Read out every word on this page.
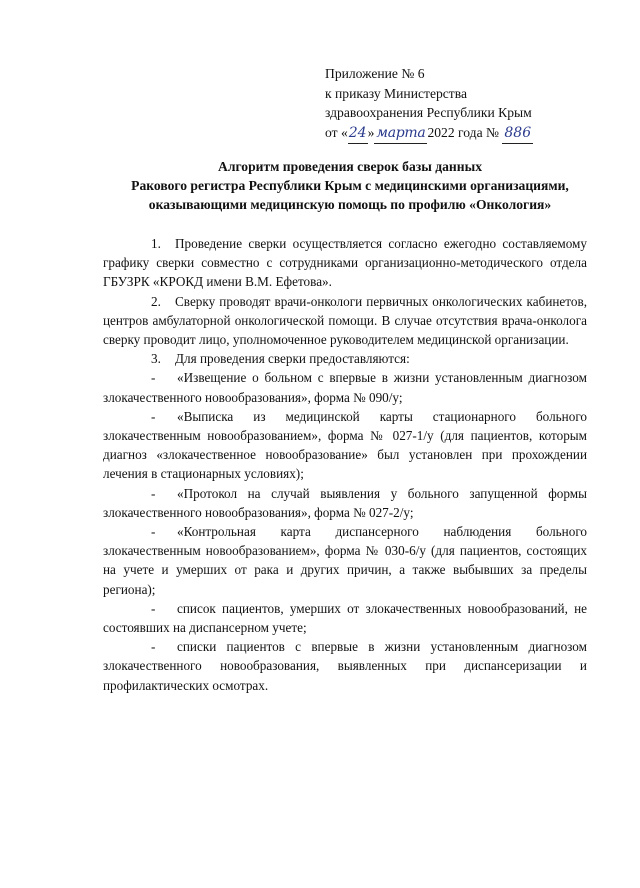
Приложение № 6
к приказу Министерства
здравоохранения Республики Крым
от «24» марта 2022 года № 886
Алгоритм проведения сверок базы данных
Ракового регистра Республики Крым с медицинскими организациями,
оказывающими медицинскую помощь по профилю «Онкология»
1. Проведение сверки осуществляется согласно ежегодно составляемому графику сверки совместно с сотрудниками организационно-методического отдела ГБУЗРК «КРОКД имени В.М. Ефетова».
2. Сверку проводят врачи-онкологи первичных онкологических кабинетов, центров амбулаторной онкологической помощи. В случае отсутствия врача-онколога сверку проводит лицо, уполномоченное руководителем медицинской организации.
3. Для проведения сверки предоставляются:
- «Извещение о больном с впервые в жизни установленным диагнозом злокачественного новообразования», форма № 090/у;
- «Выписка из медицинской карты стационарного больного злокачественным новообразованием», форма № 027-1/у (для пациентов, которым диагноз «злокачественное новообразование» был установлен при прохождении лечения в стационарных условиях);
- «Протокол на случай выявления у больного запущенной формы злокачественного новообразования», форма № 027-2/у;
- «Контрольная карта диспансерного наблюдения больного злокачественным новообразованием», форма № 030-6/у (для пациентов, состоящих на учете и умерших от рака и других причин, а также выбывших за пределы региона);
- список пациентов, умерших от злокачественных новообразований, не состоявших на диспансерном учете;
- списки пациентов с впервые в жизни установленным диагнозом злокачественного новообразования, выявленных при диспансеризации и профилактических осмотрах.
